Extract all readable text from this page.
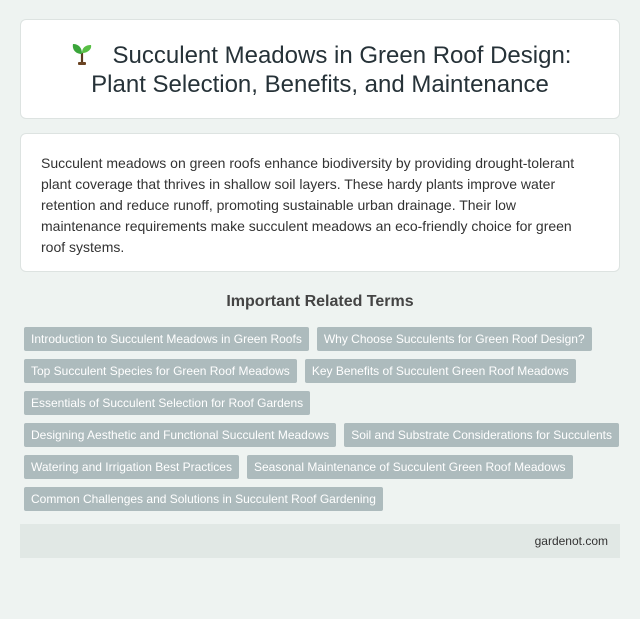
Succulent Meadows in Green Roof Design: Plant Selection, Benefits, and Maintenance

Succulent meadows on green roofs enhance biodiversity by providing drought-tolerant plant coverage that thrives in shallow soil layers. These hardy plants improve water retention and reduce runoff, promoting sustainable urban drainage. Their low maintenance requirements make succulent meadows an eco-friendly choice for green roof systems.

Important Related Terms
Introduction to Succulent Meadows in Green Roofs	Why Choose Succulents for Green Roof Design?
Top Succulent Species for Green Roof Meadows	Key Benefits of Succulent Green Roof Meadows
Essentials of Succulent Selection for Roof Gardens
Designing Aesthetic and Functional Succulent Meadows	Soil and Substrate Considerations for Succulents
Watering and Irrigation Best Practices	Seasonal Maintenance of Succulent Green Roof Meadows
Common Challenges and Solutions in Succulent Roof Gardening
gardenot.com
